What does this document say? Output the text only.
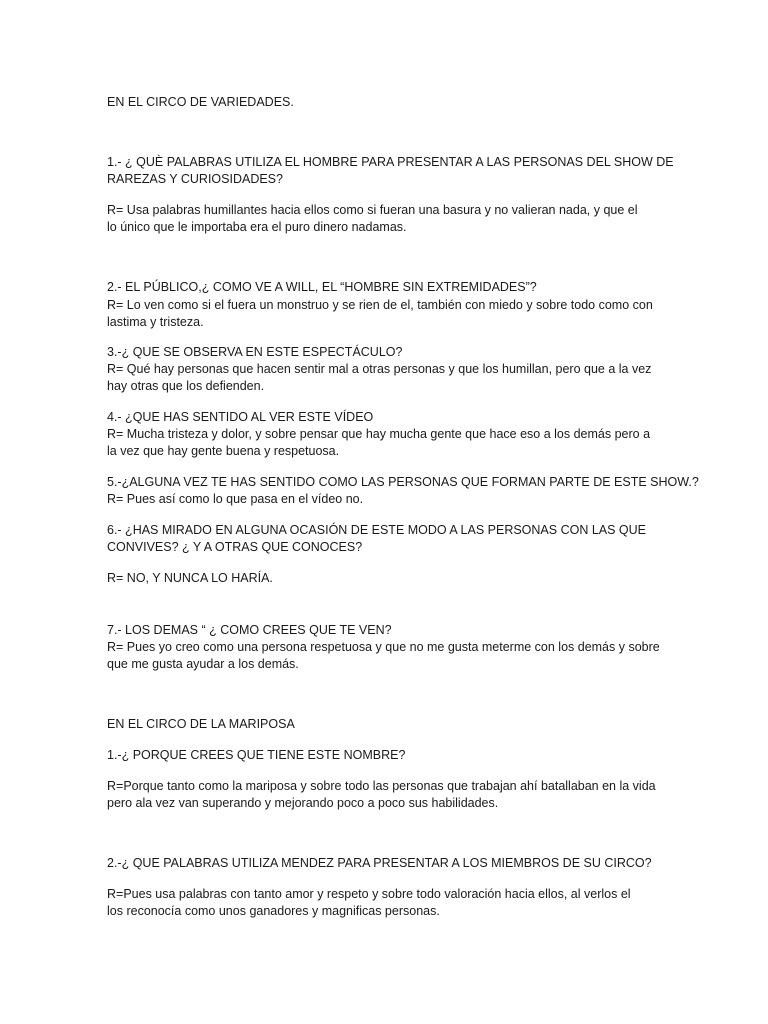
EN EL CIRCO DE VARIEDADES.
1.- ¿ QUÈ PALABRAS UTILIZA EL HOMBRE PARA PRESENTAR A LAS PERSONAS DEL SHOW DE
RAREZAS Y CURIOSIDADES?
R= Usa palabras humillantes hacia ellos como si fueran una basura y no valieran nada, y que el
lo único que le importaba era el puro dinero nadamas.
2.- EL PÚBLICO,¿ COMO VE A WILL, EL “HOMBRE SIN EXTREMIDADES”?
R= Lo ven como si el fuera un monstruo y se rien de el, también con miedo y sobre todo como con
lastima y tristeza.
3.-¿ QUE SE OBSERVA EN ESTE ESPECTÁCULO?
R= Qué hay personas que hacen sentir mal a otras personas y que los humillan, pero que a la vez
hay otras que los defienden.
4.- ¿QUE HAS SENTIDO AL VER ESTE VÍDEO
R= Mucha tristeza y dolor, y sobre pensar que hay mucha gente que hace eso a los demás pero a
la vez que hay gente buena y respetuosa.
5.-¿ALGUNA VEZ TE HAS SENTIDO COMO LAS PERSONAS QUE FORMAN PARTE DE ESTE SHOW.?
R= Pues así como lo que pasa en el vídeo no.
6.- ¿HAS MIRADO EN ALGUNA OCASIÓN DE ESTE MODO A LAS PERSONAS CON LAS QUE
CONVIVES? ¿ Y A OTRAS QUE CONOCES?
R= NO, Y NUNCA LO HARÍA.
7.- LOS DEMAS “ ¿ COMO CREES QUE TE VEN?
R= Pues yo creo como una persona respetuosa y que no me gusta meterme con los demás y sobre
que me gusta ayudar a los demás.
EN EL CIRCO DE LA MARIPOSA
1.-¿ PORQUE CREES QUE TIENE ESTE NOMBRE?
R=Porque tanto como la mariposa y sobre todo las personas que trabajan ahí batallaban en la vida
pero ala vez van superando y mejorando poco a poco sus habilidades.
2.-¿ QUE PALABRAS UTILIZA MENDEZ PARA PRESENTAR A LOS MIEMBROS DE SU CIRCO?
R=Pues usa palabras con tanto amor y respeto y sobre todo valoración hacia ellos, al verlos el
los reconocía como unos ganadores y magnificas personas.
